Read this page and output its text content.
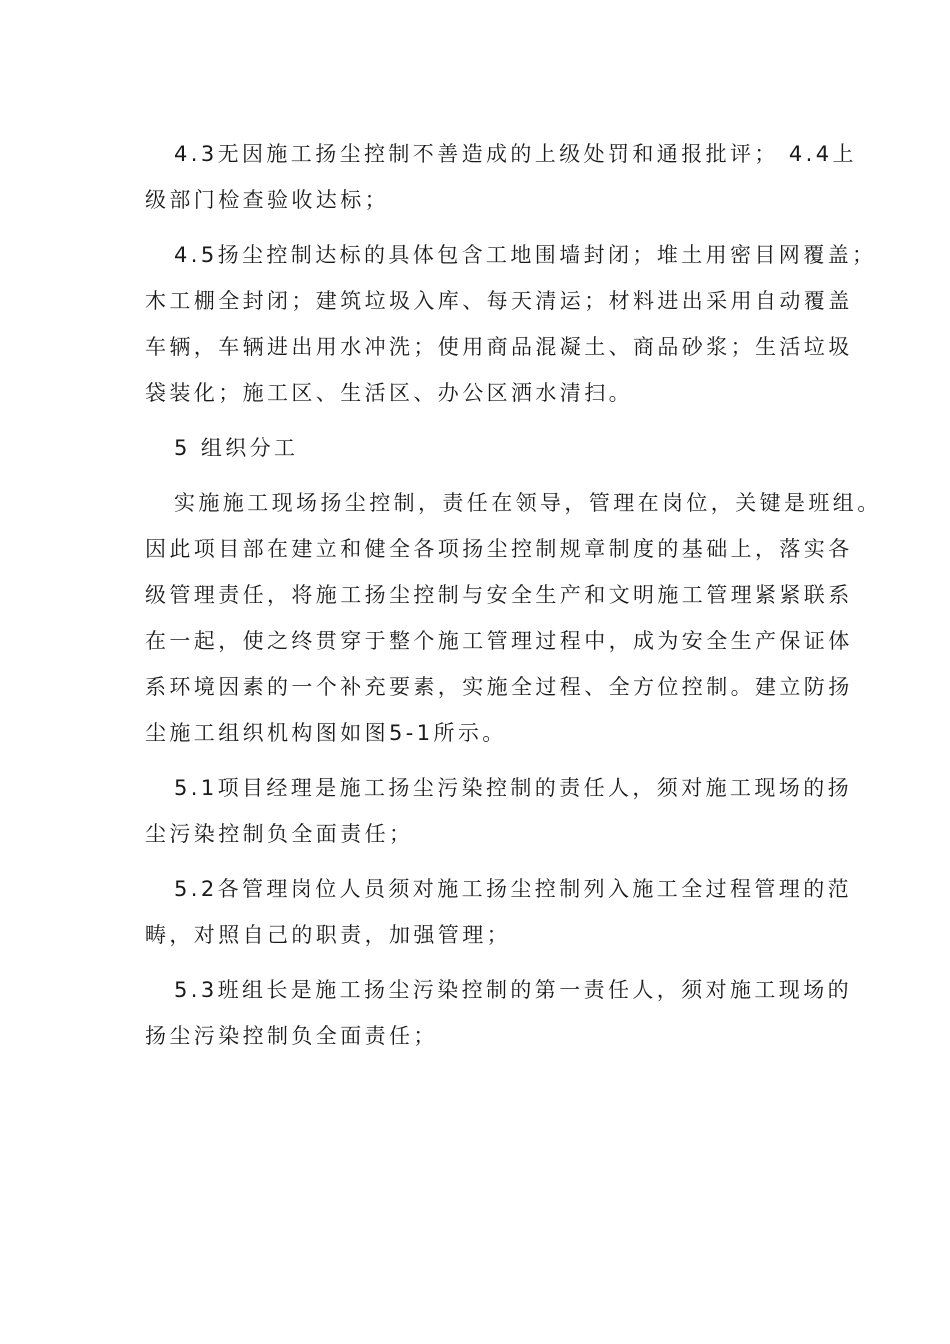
4.3无因施工扬尘控制不善造成的上级处罚和通报批评； 4.4上
级部门检查验收达标；

4.5扬尘控制达标的具体包含工地围墙封闭；堆土用密目网覆盖；
木工棚全封闭；建筑垃圾入库、每天清运；材料进出采用自动覆盖
车辆，车辆进出用水冲洗；使用商品混凝土、商品砂浆；生活垃圾
袋装化；施工区、生活区、办公区洒水清扫。

5 组织分工

实施施工现场扬尘控制，责任在领导，管理在岗位，关键是班组。
因此项目部在建立和健全各项扬尘控制规章制度的基础上，落实各
级管理责任，将施工扬尘控制与安全生产和文明施工管理紧紧联系
在一起，使之终贯穿于整个施工管理过程中，成为安全生产保证体
系环境因素的一个补充要素，实施全过程、全方位控制。建立防扬
尘施工组织机构图如图5-1所示。

5.1项目经理是施工扬尘污染控制的责任人，须对施工现场的扬
尘污染控制负全面责任；

5.2各管理岗位人员须对施工扬尘控制列入施工全过程管理的范
畴，对照自己的职责，加强管理；

5.3班组长是施工扬尘污染控制的第一责任人，须对施工现场的
扬尘污染控制负全面责任；
